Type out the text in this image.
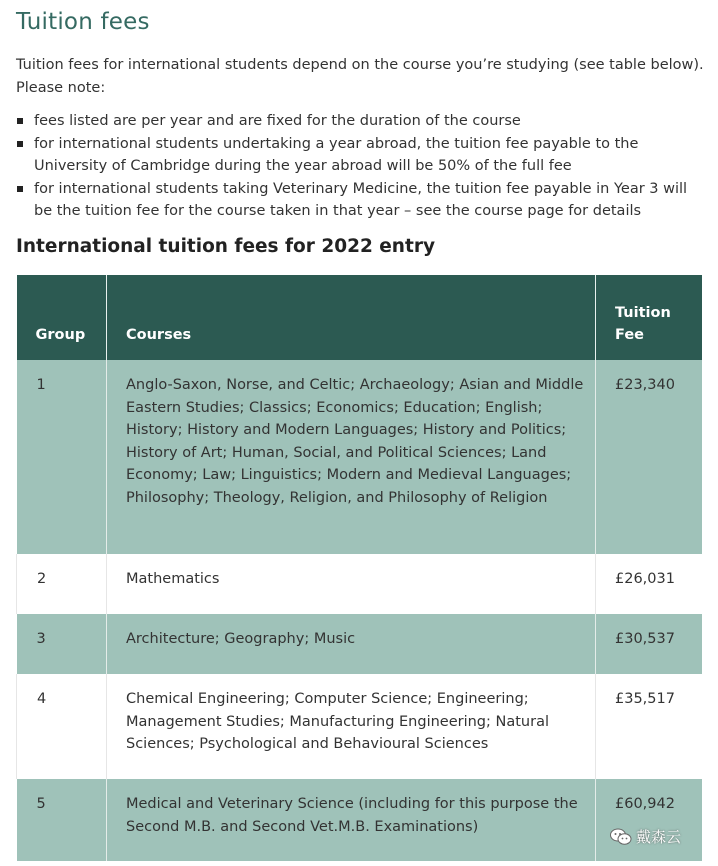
Tuition fees

Tuition fees for international students depend on the course you’re studying (see table below). Please note:

fees listed are per year and are fixed for the duration of the course
for international students undertaking a year abroad, the tuition fee payable to the University of Cambridge during the year abroad will be 50% of the full fee
for international students taking Veterinary Medicine, the tuition fee payable in Year 3 will be the tuition fee for the course taken in that year – see the course page for details
International tuition fees for 2022 entry
Group	Courses	Tuition
Fee
1	Anglo-Saxon, Norse, and Celtic; Archaeology; Asian and Middle Eastern Studies; Classics; Economics; Education; English; History; History and Modern Languages; History and Politics; History of Art; Human, Social, and Political Sciences; Land Economy; Law; Linguistics; Modern and Medieval Languages; Philosophy; Theology, Religion, and Philosophy of Religion	£23,340
2	Mathematics	£26,031
3	Architecture; Geography; Music	£30,537
4	Chemical Engineering; Computer Science; Engineering; Management Studies; Manufacturing Engineering; Natural Sciences; Psychological and Behavioural Sciences	£35,517
5	Medical and Veterinary Science (including for this purpose the Second M.B. and Second Vet.M.B. Examinations)	£60,942
戴森云
